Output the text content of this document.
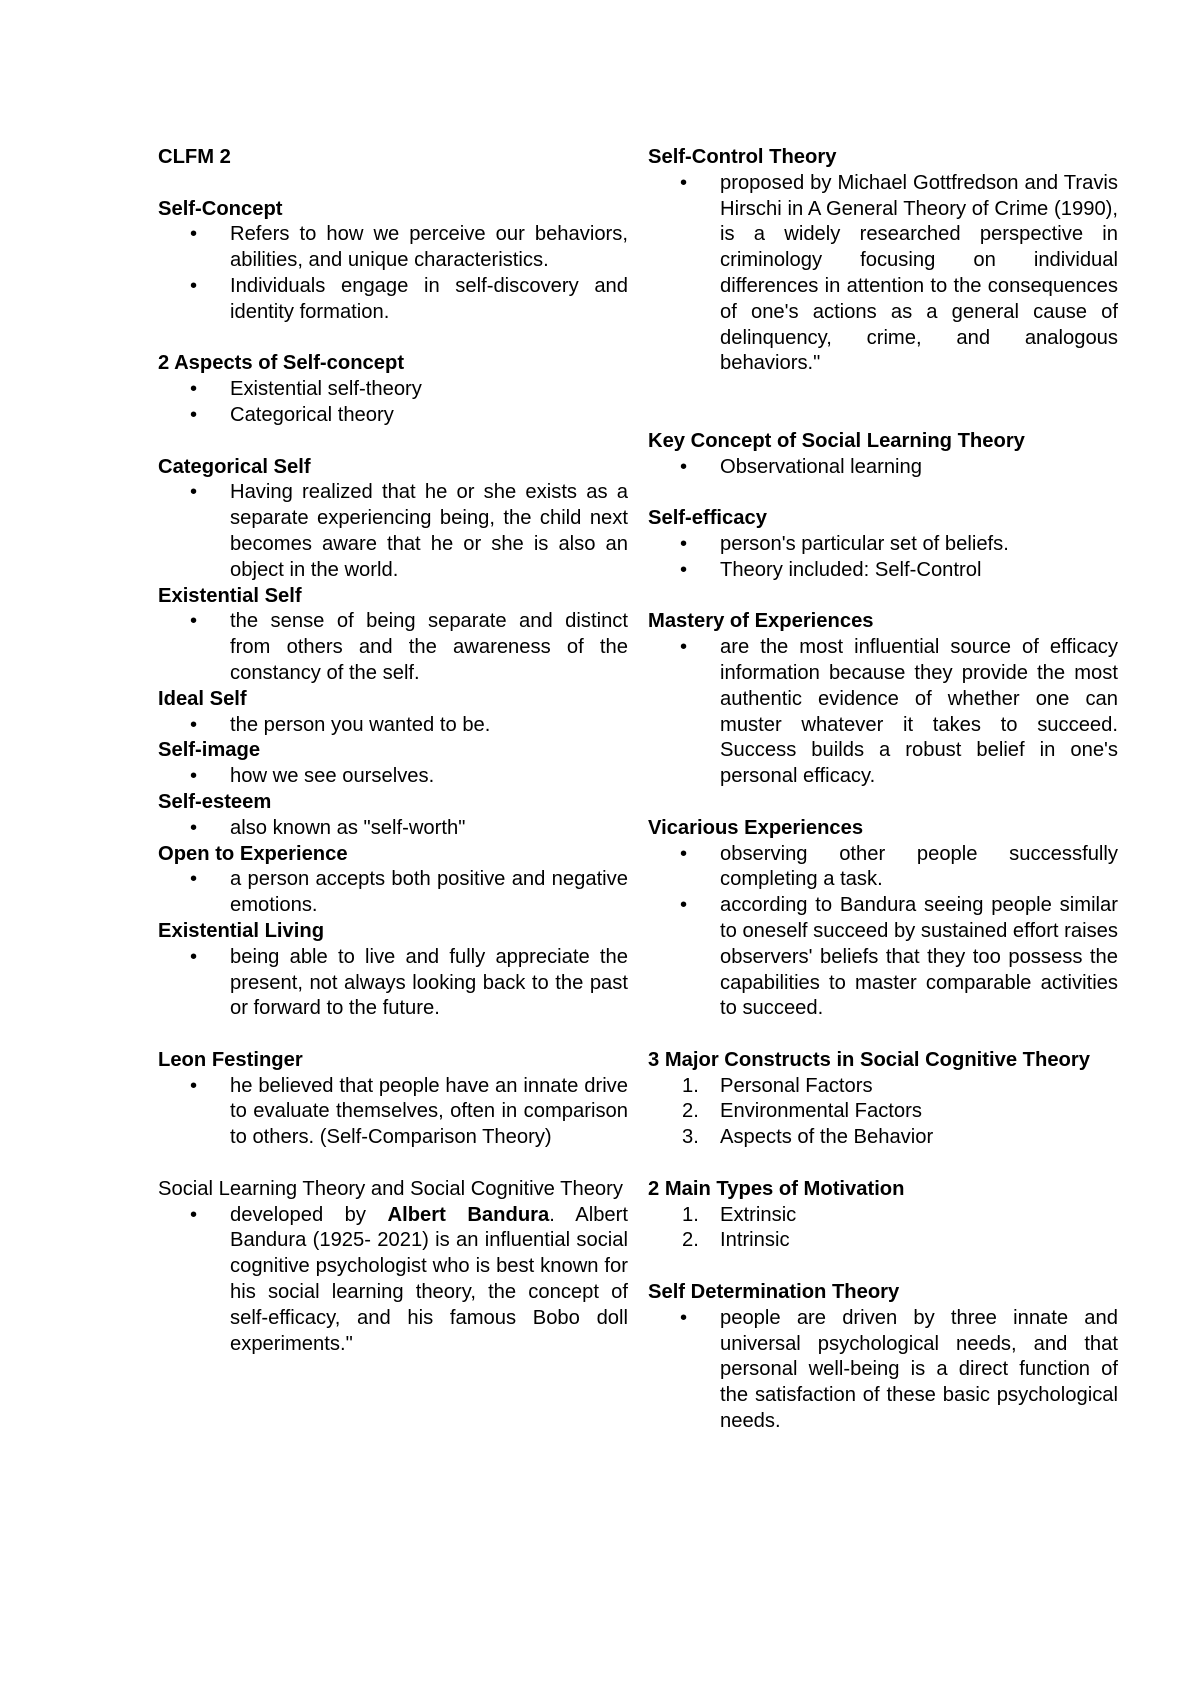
CLFM 2

Self-Concept

• Refers to how we perceive our behaviors, abilities, and unique characteristics.
• Individuals engage in self-discovery and identity formation.

2 Aspects of Self-concept

• Existential self-theory
• Categorical theory

Categorical Self

• Having realized that he or she exists as a separate experiencing being, the child next becomes aware that he or she is also an object in the world.

Existential Self

• the sense of being separate and distinct from others and the awareness of the constancy of the self.

Ideal Self

• the person you wanted to be.

Self-image

• how we see ourselves.

Self-esteem

• also known as "self-worth"

Open to Experience

• a person accepts both positive and negative emotions.

Existential Living

• being able to live and fully appreciate the present, not always looking back to the past or forward to the future.

Leon Festinger

• he believed that people have an innate drive to evaluate themselves, often in comparison to others. (Self-Comparison Theory)

Social Learning Theory and Social Cognitive Theory

• developed by Albert Bandura. Albert Bandura (1925- 2021) is an influential social cognitive psychologist who is best known for his social learning theory, the concept of self-efficacy, and his famous Bobo doll experiments."

Self-Control Theory

• proposed by Michael Gottfredson and Travis Hirschi in A General Theory of Crime (1990), is a widely researched perspective in criminology focusing on individual differences in attention to the consequences of one's actions as a general cause of delinquency, crime, and analogous behaviors."

Key Concept of Social Learning Theory

• Observational learning

Self-efficacy

• person's particular set of beliefs.
• Theory included: Self-Control

Mastery of Experiences

• are the most influential source of efficacy information because they provide the most authentic evidence of whether one can muster whatever it takes to succeed. Success builds a robust belief in one's personal efficacy.

Vicarious Experiences

• observing other people successfully completing a task.
• according to Bandura seeing people similar to oneself succeed by sustained effort raises observers' beliefs that they too possess the capabilities to master comparable activities to succeed.

3 Major Constructs in Social Cognitive Theory

1. Personal Factors
2. Environmental Factors
3. Aspects of the Behavior

2 Main Types of Motivation

1. Extrinsic
2. Intrinsic

Self Determination Theory

• people are driven by three innate and universal psychological needs, and that personal well-being is a direct function of the satisfaction of these basic psychological needs.
